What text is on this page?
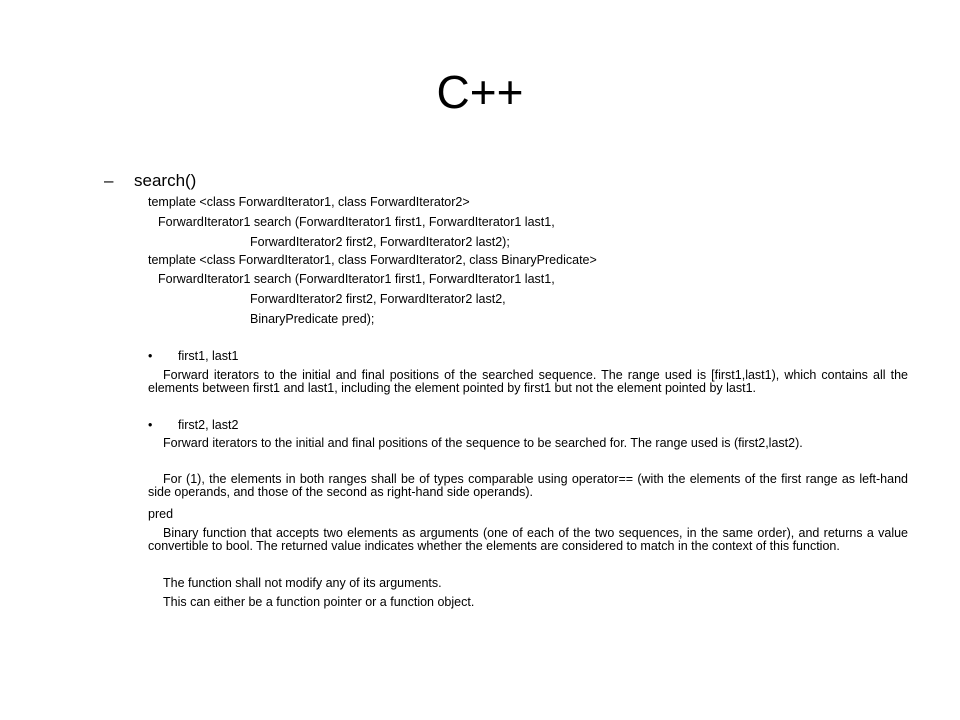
C++
– search()
template <class ForwardIterator1, class ForwardIterator2>
ForwardIterator1 search (ForwardIterator1 first1, ForwardIterator1 last1,
ForwardIterator2 first2, ForwardIterator2 last2);
template <class ForwardIterator1, class ForwardIterator2, class BinaryPredicate>
ForwardIterator1 search (ForwardIterator1 first1, ForwardIterator1 last1,
ForwardIterator2 first2, ForwardIterator2 last2,
BinaryPredicate pred);
• first1, last1
Forward iterators to the initial and final positions of the searched sequence. The range used is [first1,last1), which contains all the elements between first1 and last1, including the element pointed by first1 but not the element pointed by last1.
• first2, last2
Forward iterators to the initial and final positions of the sequence to be searched for. The range used is (first2,last2).
For (1), the elements in both ranges shall be of types comparable using operator== (with the elements of the first range as left-hand side operands, and those of the second as right-hand side operands).
pred
Binary function that accepts two elements as arguments (one of each of the two sequences, in the same order), and returns a value convertible to bool. The returned value indicates whether the elements are considered to match in the context of this function.
The function shall not modify any of its arguments.
This can either be a function pointer or a function object.
